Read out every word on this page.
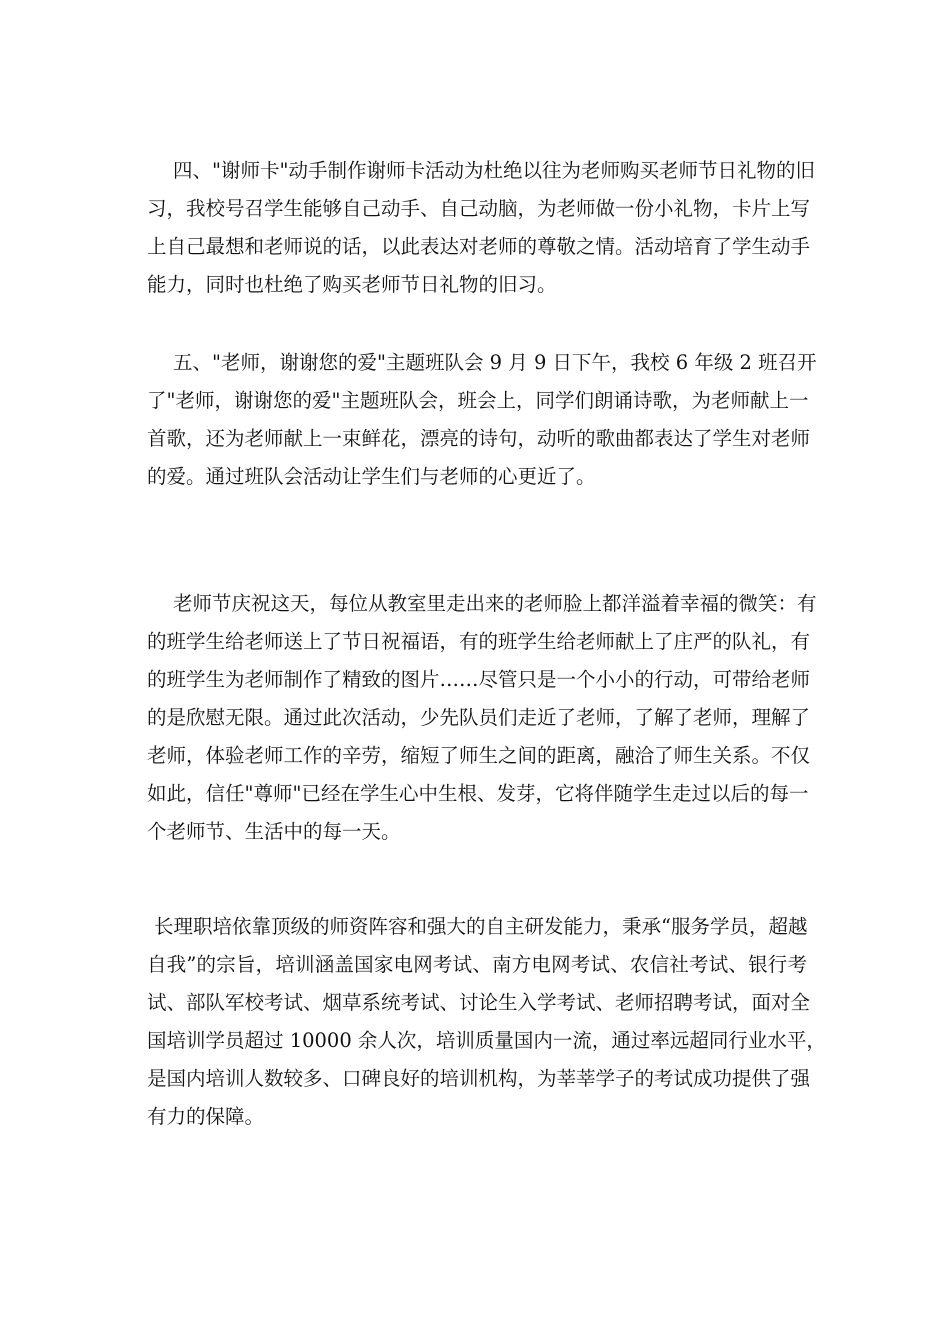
四、"谢师卡"动手制作谢师卡活动为杜绝以往为老师购买老师节日礼物的旧
习，我校号召学生能够自己动手、自己动脑，为老师做一份小礼物，卡片上写
上自己最想和老师说的话，以此表达对老师的尊敬之情。活动培育了学生动手
能力，同时也杜绝了购买老师节日礼物的旧习。
五、"老师，谢谢您的爱"主题班队会 9 月 9 日下午，我校 6 年级 2 班召开
了"老师，谢谢您的爱"主题班队会，班会上，同学们朗诵诗歌，为老师献上一
首歌，还为老师献上一束鲜花，漂亮的诗句，动听的歌曲都表达了学生对老师
的爱。通过班队会活动让学生们与老师的心更近了。
老师节庆祝这天，每位从教室里走出来的老师脸上都洋溢着幸福的微笑：有
的班学生给老师送上了节日祝福语，有的班学生给老师献上了庄严的队礼，有
的班学生为老师制作了精致的图片……尽管只是一个小小的行动，可带给老师
的是欣慰无限。通过此次活动，少先队员们走近了老师，了解了老师，理解了
老师，体验老师工作的辛劳，缩短了师生之间的距离，融洽了师生关系。不仅
如此，信任"尊师"已经在学生心中生根、发芽，它将伴随学生走过以后的每一
个老师节、生活中的每一天。
长理职培依靠顶级的师资阵容和强大的自主研发能力，秉承“服务学员，超越
自我”的宗旨，培训涵盖国家电网考试、南方电网考试、农信社考试、银行考
试、部队军校考试、烟草系统考试、讨论生入学考试、老师招聘考试，面对全
国培训学员超过 10000 余人次，培训质量国内一流，通过率远超同行业水平，
是国内培训人数较多、口碑良好的培训机构，为莘莘学子的考试成功提供了强
有力的保障。
